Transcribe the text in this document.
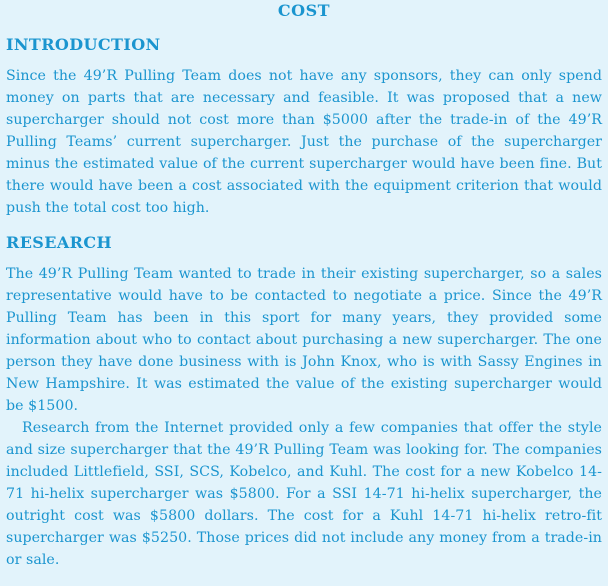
COST
INTRODUCTION

Since the 49’R Pulling Team does not have any sponsors, they can only spend money on parts that are necessary and feasible. It was proposed that a new supercharger should not cost more than $5000 after the trade-in of the 49’R Pulling Teams’ current supercharger. Just the purchase of the supercharger minus the estimated value of the current supercharger would have been fine. But there would have been a cost associated with the equipment criterion that would push the total cost too high.

RESEARCH

The 49’R Pulling Team wanted to trade in their existing supercharger, so a sales representative would have to be contacted to negotiate a price. Since the 49’R Pulling Team has been in this sport for many years, they provided some information about who to contact about purchasing a new supercharger. The one person they have done business with is John Knox, who is with Sassy Engines in New Hampshire. It was estimated the value of the existing supercharger would be $1500.

Research from the Internet provided only a few companies that offer the style and size supercharger that the 49’R Pulling Team was looking for. The companies included Littlefield, SSI, SCS, Kobelco, and Kuhl. The cost for a new Kobelco 14-71 hi-helix supercharger was $5800. For a SSI 14-71 hi-helix supercharger, the outright cost was $5800 dollars. The cost for a Kuhl 14-71 hi-helix retro-fit supercharger was $5250. Those prices did not include any money from a trade-in or sale.
